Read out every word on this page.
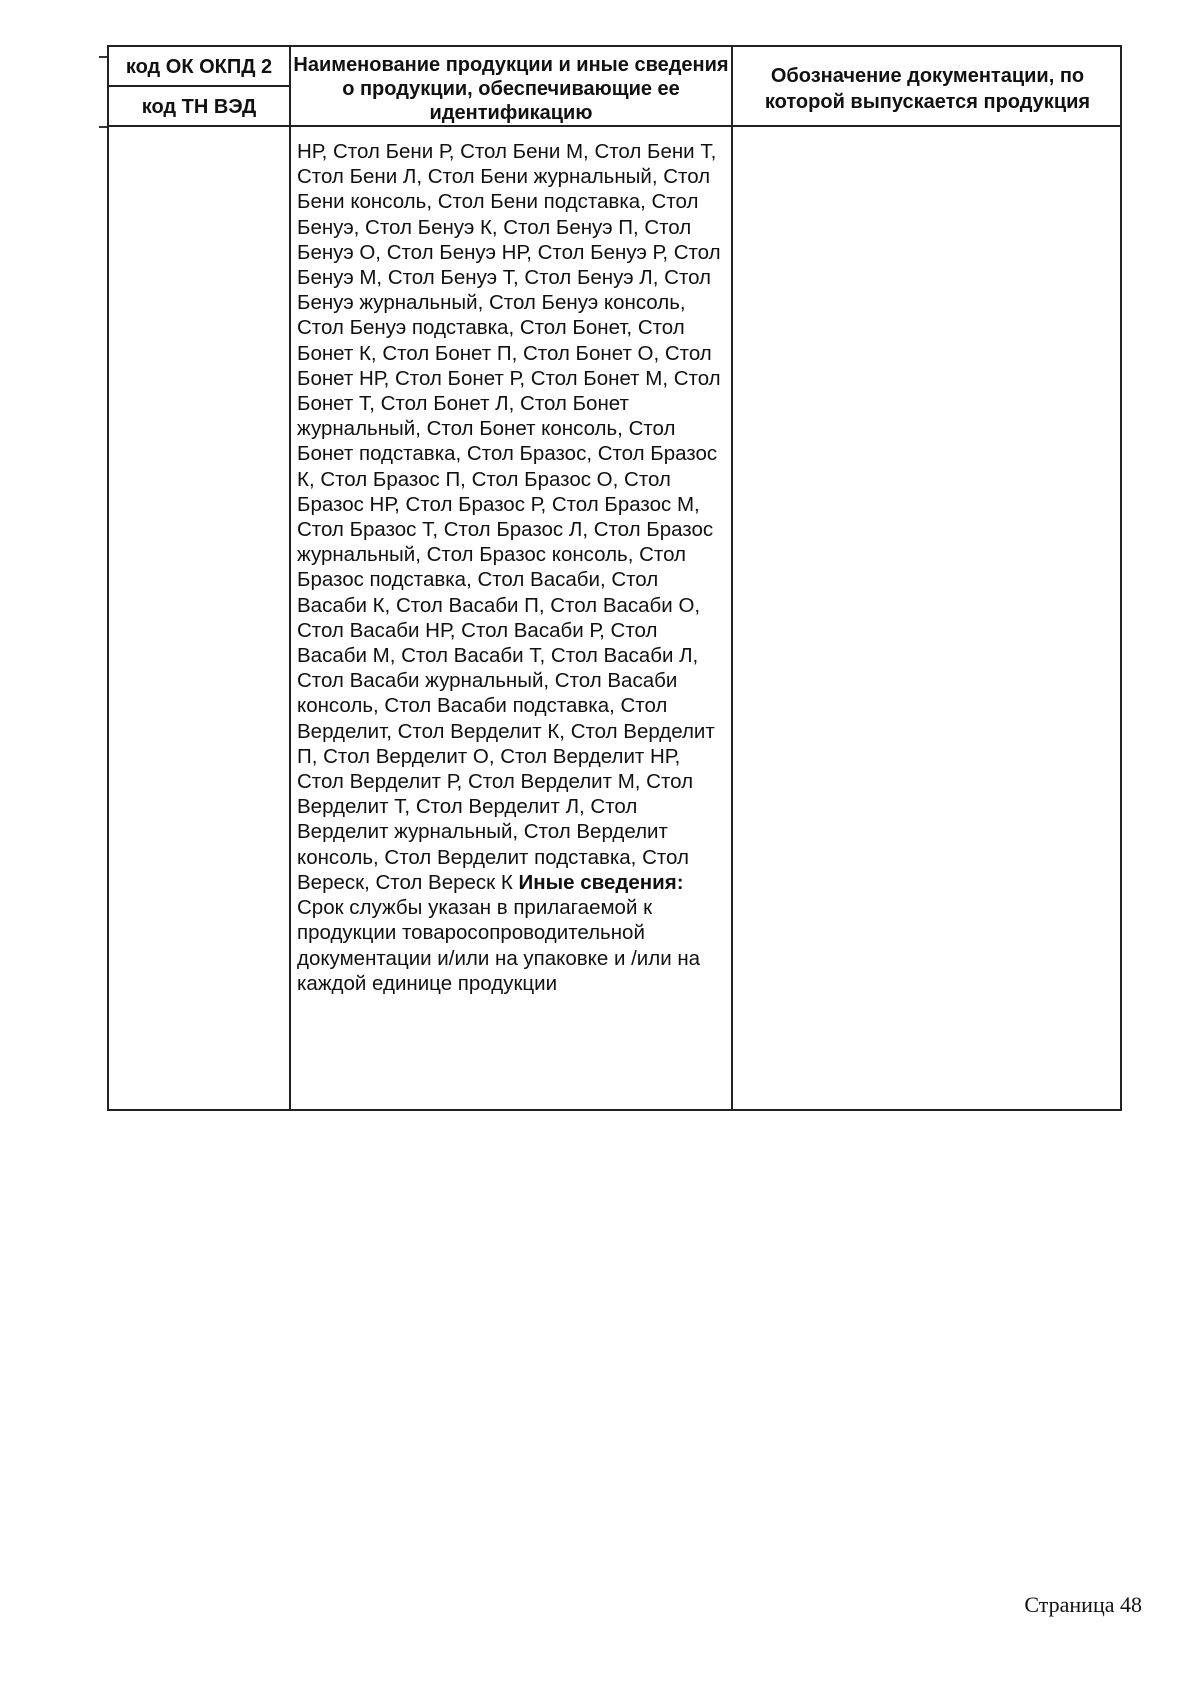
код ОК ОКПД 2
код ТН ВЭД
Наименование продукции и иные сведения о продукции, обеспечивающие ее идентификацию
Обозначение документации, по которой выпускается продукция
НР, Стол Бени Р, Стол Бени М, Стол Бени Т, Стол Бени Л, Стол Бени журнальный, Стол Бени консоль, Стол Бени подставка, Стол Бенуэ, Стол Бенуэ К, Стол Бенуэ П, Стол Бенуэ О, Стол Бенуэ НР, Стол Бенуэ Р, Стол Бенуэ М, Стол Бенуэ Т, Стол Бенуэ Л, Стол Бенуэ журнальный, Стол Бенуэ консоль, Стол Бенуэ подставка, Стол Бонет, Стол Бонет К, Стол Бонет П, Стол Бонет О, Стол Бонет НР, Стол Бонет Р, Стол Бонет М, Стол Бонет Т, Стол Бонет Л, Стол Бонет журнальный, Стол Бонет консоль, Стол Бонет подставка, Стол Бразос, Стол Бразос К, Стол Бразос П, Стол Бразос О, Стол Бразос НР, Стол Бразос Р, Стол Бразос М, Стол Бразос Т, Стол Бразос Л, Стол Бразос журнальный, Стол Бразос консоль, Стол Бразос подставка, Стол Васаби, Стол Васаби К, Стол Васаби П, Стол Васаби О, Стол Васаби НР, Стол Васаби Р, Стол Васаби М, Стол Васаби Т, Стол Васаби Л, Стол Васаби журнальный, Стол Васаби консоль, Стол Васаби подставка, Стол Верделит, Стол Верделит К, Стол Верделит П, Стол Верделит О, Стол Верделит НР, Стол Верделит Р, Стол Верделит М, Стол Верделит Т, Стол Верделит Л, Стол Верделит журнальный, Стол Верделит консоль, Стол Верделит подставка, Стол Вереск, Стол Вереск К Иные сведения: Срок службы указан в прилагаемой к продукции товаросопроводительной документации и/или на упаковке и /или на каждой единице продукции
Страница 48
